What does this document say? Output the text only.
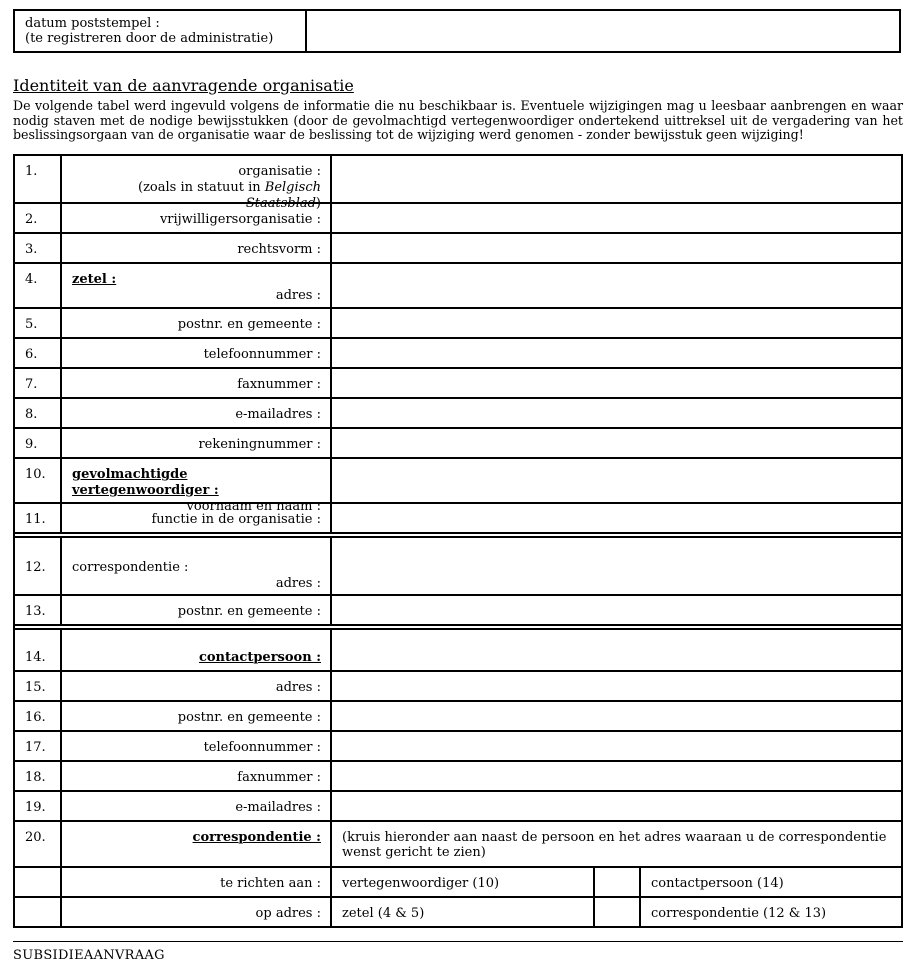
datum poststempel :
(te registreren door de administratie)
Identiteit van de aanvragende organisatie
De volgende tabel werd ingevuld volgens de informatie die nu beschikbaar is. Eventuele wijzigingen mag u leesbaar aanbrengen en waar nodig staven met de nodige bewijsstukken (door de gevolmachtigd vertegenwoordiger ondertekend uittreksel uit de vergadering van het beslissingsorgaan van de organisatie waar de beslissing tot de wijziging werd genomen - zonder bewijsstuk geen wijziging!
1.	organisatie :
(zoals in statuut in Belgisch Staatsblad)
2.	vrijwilligersorganisatie :
3.	rechtsvorm :
4.	zetel :
adres :
5.	postnr. en gemeente :
6.	telefoonnummer :
7.	faxnummer :
8.	e-mailadres :
9.	rekeningnummer :
10.	gevolmachtigde vertegenwoordiger :
voornaam en naam :
11.	functie in de organisatie :
12.	correspondentie :
adres :
13.	postnr. en gemeente :
14.	contactpersoon :
15.	adres :
16.	postnr. en gemeente :
17.	telefoonnummer :
18.	faxnummer :
19.	e-mailadres :
20.	correspondentie :	(kruis hieronder aan naast de persoon en het adres waaraan u de correspondentie wenst gericht te zien)
te richten aan :	vertegenwoordiger (10)	contactpersoon (14)
op adres :	zetel (4 & 5)	correspondentie (12 & 13)
SUBSIDIEAANVRAAG
